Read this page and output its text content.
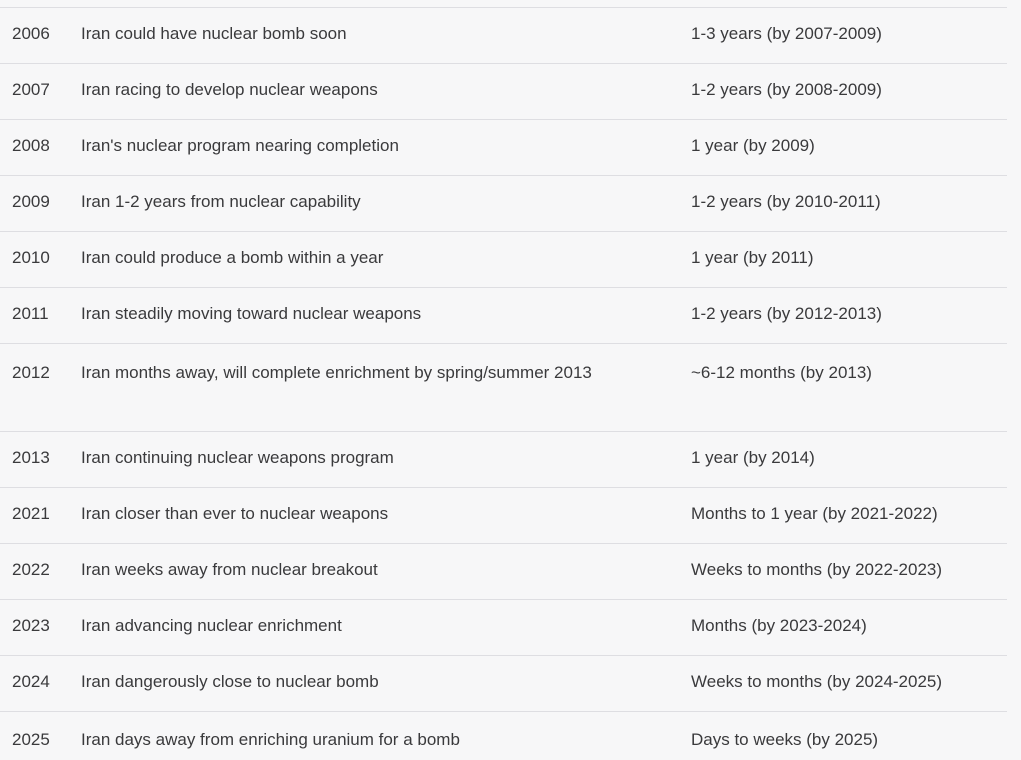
2006	Iran could have nuclear bomb soon	1-3 years (by 2007-2009)
2007	Iran racing to develop nuclear weapons	1-2 years (by 2008-2009)
2008	Iran's nuclear program nearing completion	1 year (by 2009)
2009	Iran 1-2 years from nuclear capability	1-2 years (by 2010-2011)
2010	Iran could produce a bomb within a year	1 year (by 2011)
2011	Iran steadily moving toward nuclear weapons	1-2 years (by 2012-2013)
2012	Iran months away, will complete enrichment by spring/summer 2013	~6-12 months (by 2013)
2013	Iran continuing nuclear weapons program	1 year (by 2014)
2021	Iran closer than ever to nuclear weapons	Months to 1 year (by 2021-2022)
2022	Iran weeks away from nuclear breakout	Weeks to months (by 2022-2023)
2023	Iran advancing nuclear enrichment	Months (by 2023-2024)
2024	Iran dangerously close to nuclear bomb	Weeks to months (by 2024-2025)
2025	Iran days away from enriching uranium for a bomb	Days to weeks (by 2025)
